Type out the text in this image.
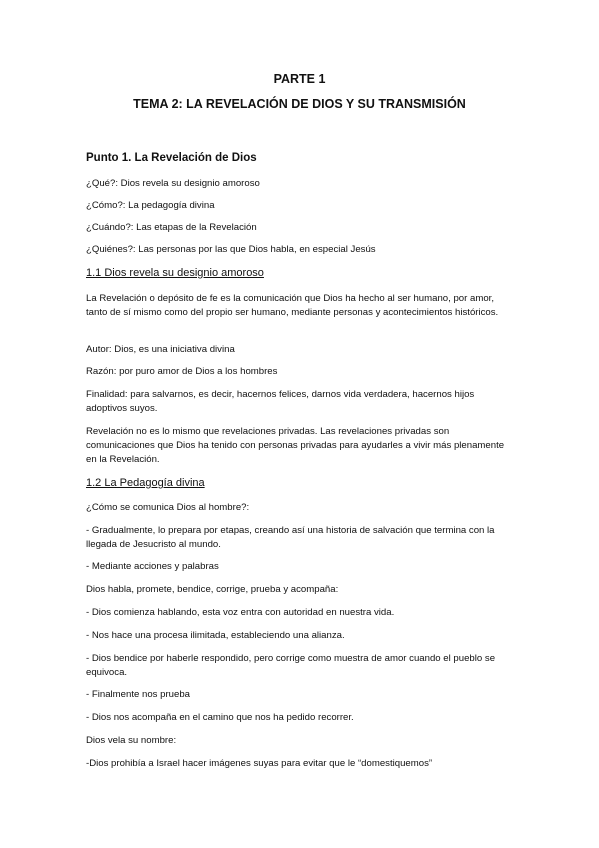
PARTE 1
TEMA 2: LA REVELACIÓN DE DIOS Y SU TRANSMISIÓN
Punto 1. La Revelación de Dios
¿Qué?: Dios revela su designio amoroso
¿Cómo?: La pedagogía divina
¿Cuándo?: Las etapas de la Revelación
¿Quiénes?: Las personas por las que Dios habla, en especial Jesús
1.1 Dios revela su designio amoroso
La Revelación o depósito de fe es la comunicación que Dios ha hecho al ser humano, por amor, tanto de sí mismo como del propio ser humano, mediante personas y acontecimientos históricos.
Autor: Dios, es una iniciativa divina
Razón: por puro amor de Dios a los hombres
Finalidad: para salvarnos, es decir, hacernos felices, darnos vida verdadera, hacernos hijos adoptivos suyos.
Revelación no es lo mismo que revelaciones privadas. Las revelaciones privadas son comunicaciones que Dios ha tenido con personas privadas para ayudarles a vivir más plenamente en la Revelación.
1.2 La Pedagogía divina
¿Cómo se comunica Dios al hombre?:
- Gradualmente, lo prepara por etapas, creando así una historia de salvación que termina con la llegada de Jesucristo al mundo.
- Mediante acciones y palabras
Dios habla, promete, bendice, corrige, prueba y acompaña:
- Dios comienza hablando, esta voz entra con autoridad en nuestra vida.
- Nos hace una procesa ilimitada, estableciendo una alianza.
- Dios bendice por haberle respondido, pero corrige como muestra de amor cuando el pueblo se equivoca.
- Finalmente nos prueba
- Dios nos acompaña en el camino que nos ha pedido recorrer.
Dios vela su nombre:
-Dios prohibía a Israel hacer imágenes suyas para evitar que le “domestiquemos”
